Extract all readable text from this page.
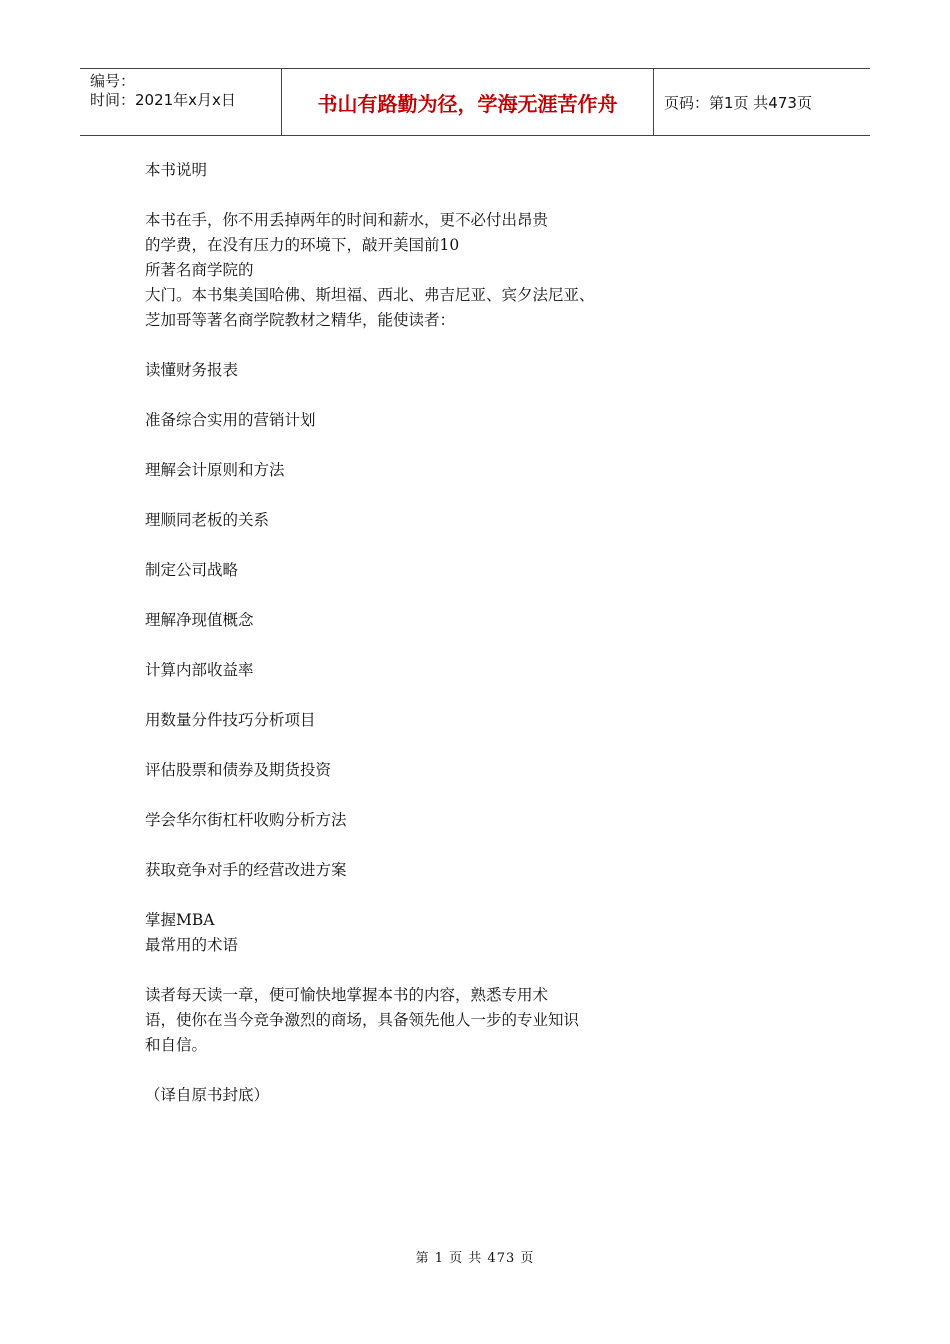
编号：
时间：2021年x月x日	书山有路勤为径，学海无涯苦作舟	页码：第1页 共473页

本书说明

本书在手，你不用丢掉两年的时间和薪水，更不必付出昂贵

的学费，在没有压力的环境下，敲开美国前10

所著名商学院的

大门。本书集美国哈佛、斯坦福、西北、弗吉尼亚、宾夕法尼亚、

芝加哥等著名商学院教材之精华，能使读者：

读懂财务报表

准备综合实用的营销计划

理解会计原则和方法

理顺同老板的关系

制定公司战略

理解净现值概念

计算内部收益率

用数量分件技巧分析项目

评估股票和债券及期货投资

学会华尔街杠杆收购分析方法

获取竞争对手的经营改进方案

掌握MBA

最常用的术语

读者每天读一章，便可愉快地掌握本书的内容，熟悉专用术

语，使你在当今竞争激烈的商场，具备领先他人一步的专业知识

和自信。

（译自原书封底）

第 1 页 共 473 页
